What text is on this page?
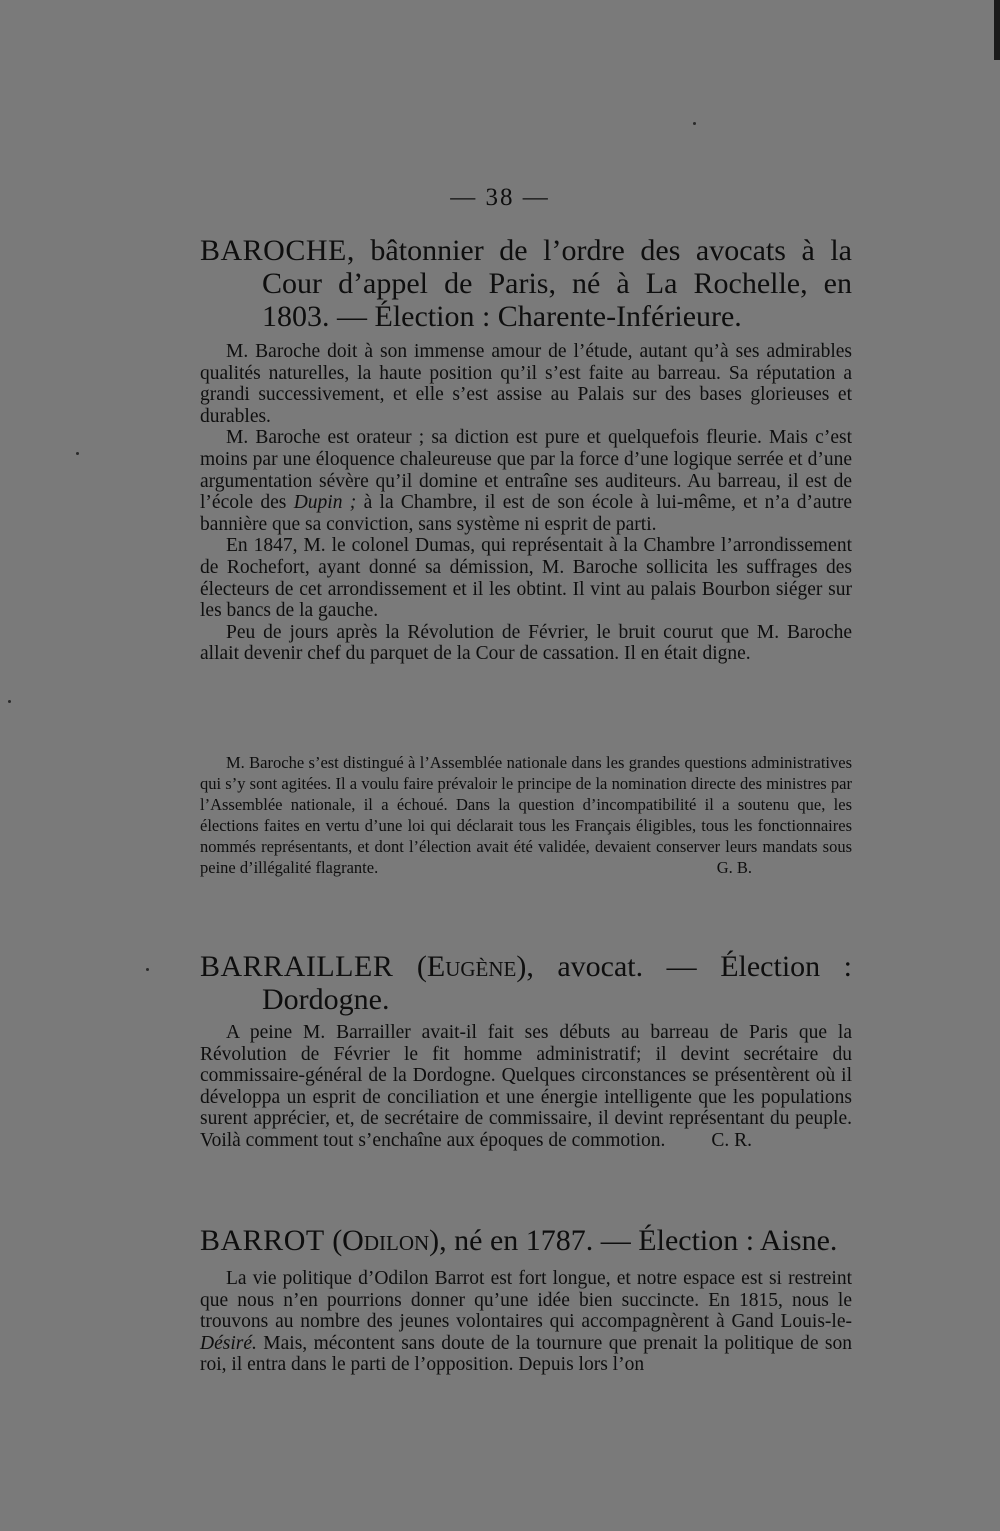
— 38 —

BAROCHE, bâtonnier de l’ordre des avocats à la Cour d’appel de Paris, né à La Rochelle, en 1803. — Élection : Charente-Inférieure.

M. Baroche doit à son immense amour de l’étude, autant qu’à ses admirables qualités naturelles, la haute position qu’il s’est faite au barreau. Sa réputation a grandi successivement, et elle s’est assise au Palais sur des bases glorieuses et durables.

M. Baroche est orateur ; sa diction est pure et quelquefois fleurie. Mais c’est moins par une éloquence chaleureuse que par la force d’une logique serrée et d’une argumentation sévère qu’il domine et entraîne ses auditeurs. Au barreau, il est de l’école des Dupin ; à la Chambre, il est de son école à lui-même, et n’a d’autre bannière que sa conviction, sans système ni esprit de parti.

En 1847, M. le colonel Dumas, qui représentait à la Chambre l’arrondissement de Rochefort, ayant donné sa démission, M. Baroche sollicita les suffrages des électeurs de cet arrondissement et il les obtint. Il vint au palais Bourbon siéger sur les bancs de la gauche.

Peu de jours après la Révolution de Février, le bruit courut que M. Baroche allait devenir chef du parquet de la Cour de cassation. Il en était digne.

M. Baroche s’est distingué à l’Assemblée nationale dans les grandes questions administratives qui s’y sont agitées. Il a voulu faire prévaloir le principe de la nomination directe des ministres par l’Assemblée nationale, il a échoué. Dans la question d’incompatibilité il a soutenu que, les élections faites en vertu d’une loi qui déclarait tous les Français éligibles, tous les fonctionnaires nommés représentants, et dont l’élection avait été validée, devaient conserver leurs mandats sous peine d’illégalité flagrante.	G. B.

BARRAILLER (Eugène), avocat. — Élection : Dordogne.

A peine M. Barrailler avait-il fait ses débuts au barreau de Paris que la Révolution de Février le fit homme administratif; il devint secrétaire du commissaire-général de la Dordogne. Quelques circonstances se présentèrent où il développa un esprit de conciliation et une énergie intelligente que les populations surent apprécier, et, de secrétaire de commissaire, il devint représentant du peuple. Voilà comment tout s’enchaîne aux époques de commotion. C. R.

BARROT (Odilon), né en 1787. — Élection : Aisne.

La vie politique d’Odilon Barrot est fort longue, et notre espace est si restreint que nous n’en pourrions donner qu’une idée bien succincte. En 1815, nous le trouvons au nombre des jeunes volontaires qui accompagnèrent à Gand Louis-le-Désiré. Mais, mécontent sans doute de la tournure que prenait la politique de son roi, il entra dans le parti de l’opposition. Depuis lors l’on
